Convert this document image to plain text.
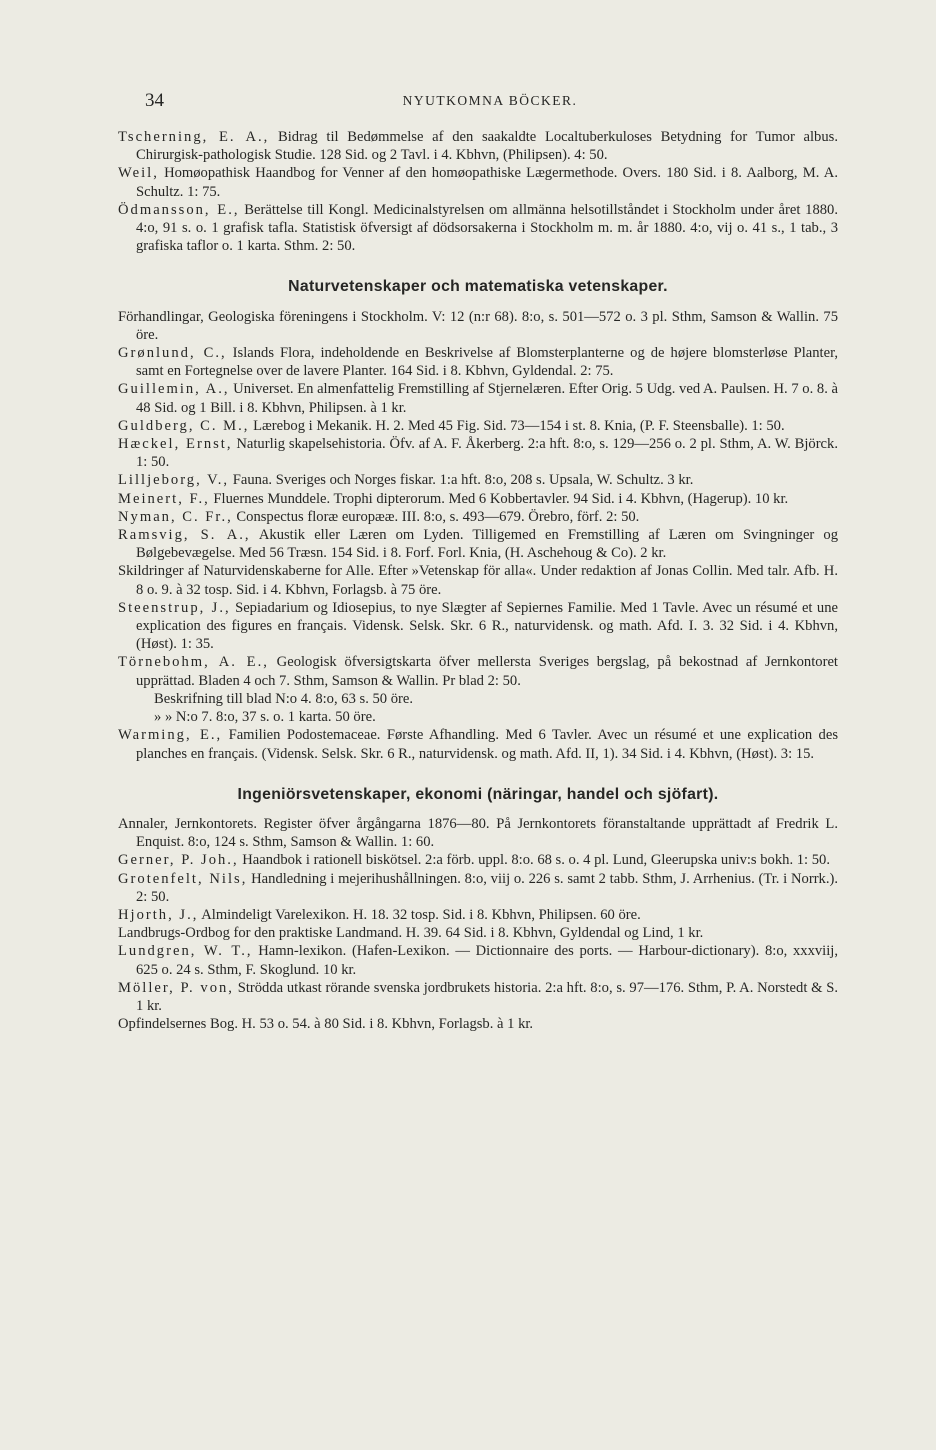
34	NYUTKOMNA BÖCKER.
Tscherning, E. A., Bidrag til Bedømmelse af den saakaldte Localtuberkuloses Betydning for Tumor albus. Chirurgisk-pathologisk Studie. 128 Sid. og 2 Tavl. i 4. Kbhvn, (Philipsen). 4: 50.
Weil, Homøopathisk Haandbog for Venner af den homøopathiske Lægermethode. Overs. 180 Sid. i 8. Aalborg, M. A. Schultz. 1: 75.
Ödmansson, E., Berättelse till Kongl. Medicinalstyrelsen om allmänna helsotillståndet i Stockholm under året 1880. 4:o, 91 s. o. 1 grafisk tafla. Statistisk öfversigt af dödsorsakerna i Stockholm m. m. år 1880. 4:o, vij o. 41 s., 1 tab., 3 grafiska taflor o. 1 karta. Sthm. 2: 50.
Naturvetenskaper och matematiska vetenskaper.
Förhandlingar, Geologiska föreningens i Stockholm. V: 12 (n:r 68). 8:o, s. 501—572 o. 3 pl. Sthm, Samson & Wallin. 75 öre.
Grønlund, C., Islands Flora, indeholdende en Beskrivelse af Blomsterplanterne og de højere blomsterløse Planter, samt en Fortegnelse over de lavere Planter. 164 Sid. i 8. Kbhvn, Gyldendal. 2: 75.
Guillemin, A., Universet. En almenfattelig Fremstilling af Stjernelæren. Efter Orig. 5 Udg. ved A. Paulsen. H. 7 o. 8. à 48 Sid. og 1 Bill. i 8. Kbhvn, Philipsen. à 1 kr.
Guldberg, C. M., Lærebog i Mekanik. H. 2. Med 45 Fig. Sid. 73—154 i st. 8. Knia, (P. F. Steensballe). 1: 50.
Hæckel, Ernst, Naturlig skapelsehistoria. Öfv. af A. F. Åkerberg. 2:a hft. 8:o, s. 129—256 o. 2 pl. Sthm, A. W. Björck. 1: 50.
Lilljeborg, V., Fauna. Sveriges och Norges fiskar. 1:a hft. 8:o, 208 s. Upsala, W. Schultz. 3 kr.
Meinert, F., Fluernes Munddele. Trophi dipterorum. Med 6 Kobbertavler. 94 Sid. i 4. Kbhvn, (Hagerup). 10 kr.
Nyman, C. Fr., Conspectus floræ europææ. III. 8:o, s. 493—679. Örebro, förf. 2: 50.
Ramsvig, S. A., Akustik eller Læren om Lyden. Tilligemed en Fremstilling af Læren om Svingninger og Bølgebevægelse. Med 56 Træsn. 154 Sid. i 8. Forf. Forl. Knia, (H. Aschehoug & Co). 2 kr.
Skildringer af Naturvidenskaberne for Alle. Efter »Vetenskap för alla«. Under redaktion af Jonas Collin. Med talr. Afb. H. 8 o. 9. à 32 tosp. Sid. i 4. Kbhvn, Forlagsb. à 75 öre.
Steenstrup, J., Sepiadarium og Idiosepius, to nye Slægter af Sepiernes Familie. Med 1 Tavle. Avec un résumé et une explication des figures en français. Vidensk. Selsk. Skr. 6 R., naturvidensk. og math. Afd. I. 3. 32 Sid. i 4. Kbhvn, (Høst). 1: 35.
Törnebohm, A. E., Geologisk öfversigtskarta öfver mellersta Sveriges bergslag, på bekostnad af Jernkontoret upprättad. Bladen 4 och 7. Sthm, Samson & Wallin. Pr blad 2: 50.
Beskrifning till blad N:o 4. 8:o, 63 s. 50 öre.
» » N:o 7. 8:o, 37 s. o. 1 karta. 50 öre.
Warming, E., Familien Podostemaceae. Første Afhandling. Med 6 Tavler. Avec un résumé et une explication des planches en français. (Vidensk. Selsk. Skr. 6 R., naturvidensk. og math. Afd. II, 1). 34 Sid. i 4. Kbhvn, (Høst). 3: 15.
Ingeniörsvetenskaper, ekonomi (näringar, handel och sjöfart).
Annaler, Jernkontorets. Register öfver årgångarna 1876—80. På Jernkontorets föranstaltande upprättadt af Fredrik L. Enquist. 8:o, 124 s. Sthm, Samson & Wallin. 1: 60.
Gerner, P. Joh., Haandbok i rationell biskötsel. 2:a förb. uppl. 8:o. 68 s. o. 4 pl. Lund, Gleerupska univ:s bokh. 1: 50.
Grotenfelt, Nils, Handledning i mejerihushållningen. 8:o, viij o. 226 s. samt 2 tabb. Sthm, J. Arrhenius. (Tr. i Norrk.). 2: 50.
Hjorth, J., Almindeligt Varelexikon. H. 18. 32 tosp. Sid. i 8. Kbhvn, Philipsen. 60 öre.
Landbrugs-Ordbog for den praktiske Landmand. H. 39. 64 Sid. i 8. Kbhvn, Gyldendal og Lind, 1 kr.
Lundgren, W. T., Hamn-lexikon. (Hafen-Lexikon. — Dictionnaire des ports. — Harbour-dictionary). 8:o, xxxviij, 625 o. 24 s. Sthm, F. Skoglund. 10 kr.
Möller, P. von, Strödda utkast rörande svenska jordbrukets historia. 2:a hft. 8:o, s. 97—176. Sthm, P. A. Norstedt & S. 1 kr.
Opfindelsernes Bog. H. 53 o. 54. à 80 Sid. i 8. Kbhvn, Forlagsb. à 1 kr.
